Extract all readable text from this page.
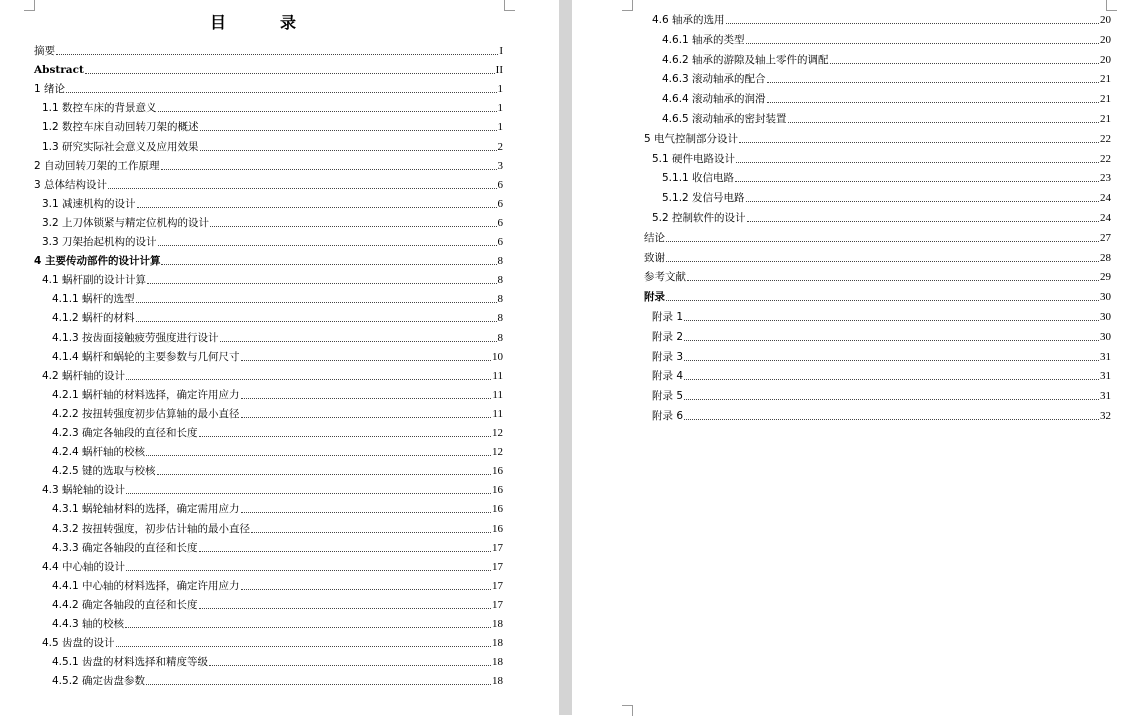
目	录
摘要	I
Abstract	II
1 绪论	1
1.1 数控车床的背景意义	1
1.2 数控车床自动回转刀架的概述	1
1.3 研究实际社会意义及应用效果	2
2 自动回转刀架的工作原理	3
3 总体结构设计	6
3.1 减速机构的设计	6
3.2 上刀体锁紧与精定位机构的设计	6
3.3 刀架抬起机构的设计	6
4 主要传动部件的设计计算	8
4.1 蜗杆副的设计计算	8
4.1.1 蜗杆的选型	8
4.1.2 蜗杆的材料	8
4.1.3 按齿面接触疲劳强度进行设计	8
4.1.4 蜗杆和蜗轮的主要参数与几何尺寸	10
4.2 蜗杆轴的设计	11
4.2.1 蜗杆轴的材料选择，确定许用应力	11
4.2.2 按扭转强度初步估算轴的最小直径	11
4.2.3 确定各轴段的直径和长度	12
4.2.4 蜗杆轴的校核	12
4.2.5 键的选取与校核	16
4.3 蜗轮轴的设计	16
4.3.1 蜗轮轴材料的选择，确定需用应力	16
4.3.2 按扭转强度，初步估计轴的最小直径	16
4.3.3 确定各轴段的直径和长度	17
4.4 中心轴的设计	17
4.4.1 中心轴的材料选择，确定许用应力	17
4.4.2 确定各轴段的直径和长度	17
4.4.3 轴的校核	18
4.5 齿盘的设计	18
4.5.1 齿盘的材料选择和精度等级	18
4.5.2 确定齿盘参数	18
4.6 轴承的选用	20
4.6.1 轴承的类型	20
4.6.2 轴承的游隙及轴上零件的调配	20
4.6.3 滚动轴承的配合	21
4.6.4 滚动轴承的润滑	21
4.6.5 滚动轴承的密封装置	21
5 电气控制部分设计	22
5.1 硬件电路设计	22
5.1.1 收信电路	23
5.1.2 发信号电路	24
5.2 控制软件的设计	24
结论	27
致谢	28
参考文献	29
附录	30
附录 1	30
附录 2	30
附录 3	31
附录 4	31
附录 5	31
附录 6	32
